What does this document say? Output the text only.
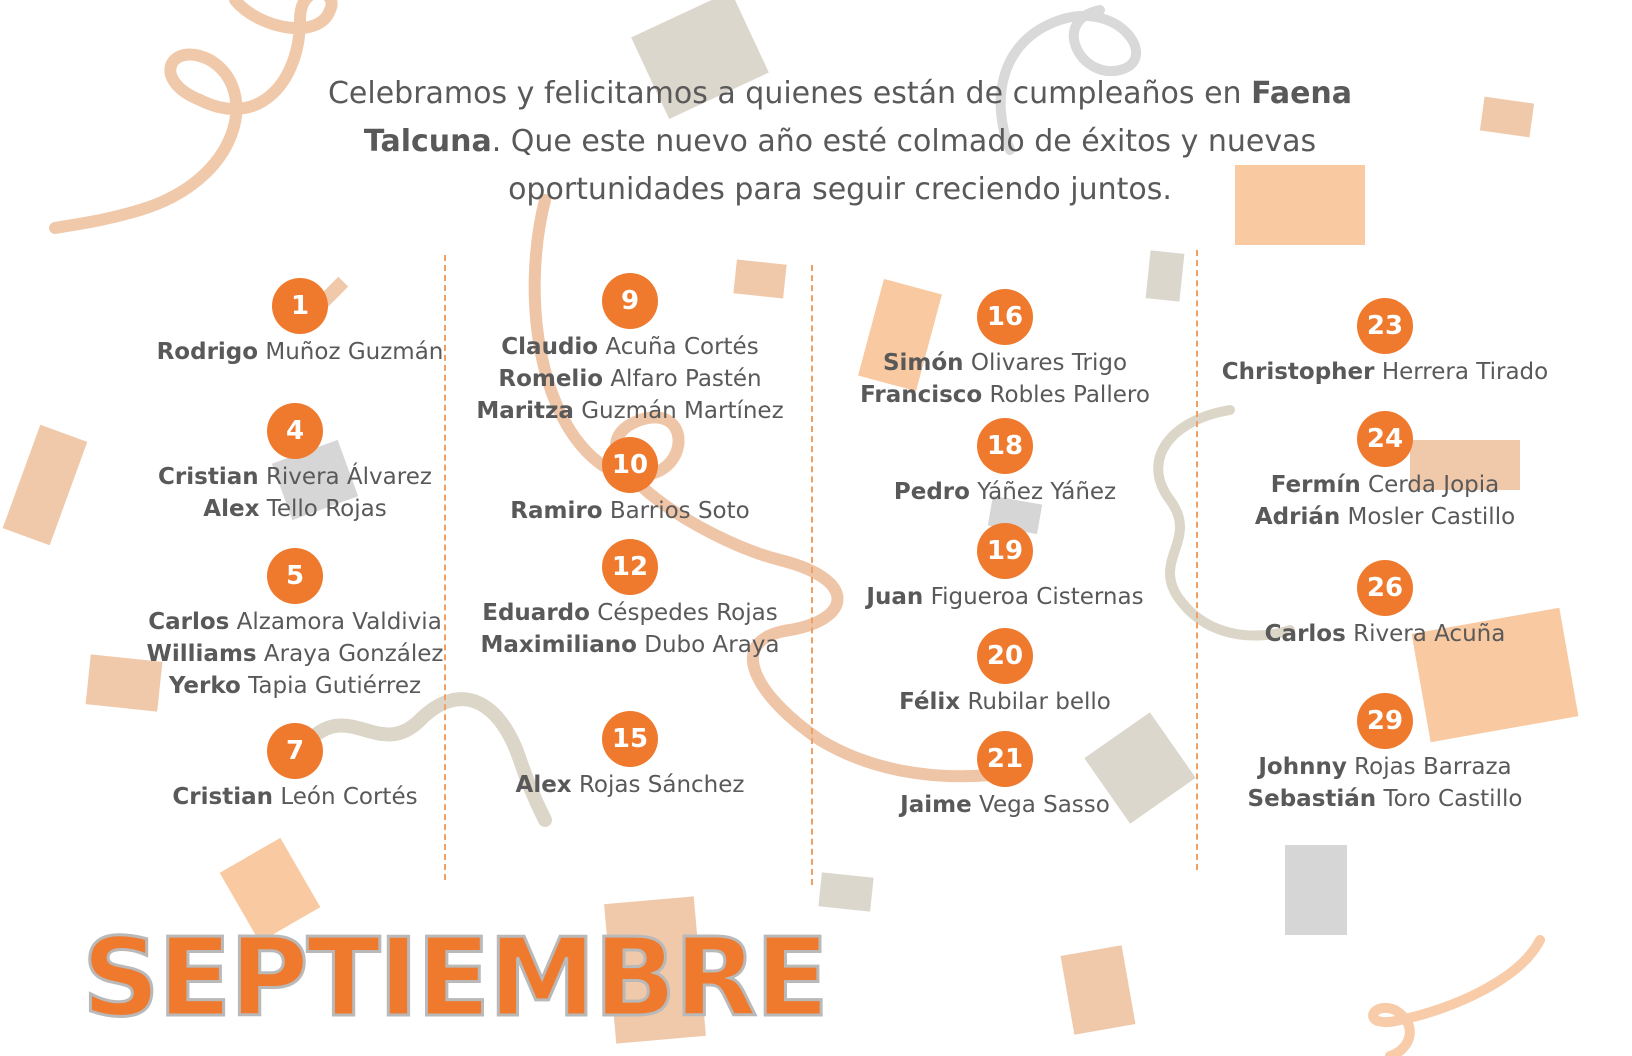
Celebramos y felicitamos a quienes están de cumpleaños en Faena Talcuna. Que este nuevo año esté colmado de éxitos y nuevas oportunidades para seguir creciendo juntos.
1
Rodrigo Muñoz Guzmán
4
Cristian Rivera Álvarez
Alex Tello Rojas
5
Carlos Alzamora Valdivia
Williams Araya González
Yerko Tapia Gutiérrez
7
Cristian León Cortés
9
Claudio Acuña Cortés
Romelio Alfaro Pastén
Maritza Guzmán Martínez
10
Ramiro Barrios Soto
12
Eduardo Céspedes Rojas
Maximiliano Dubo Araya
15
Alex Rojas Sánchez
16
Simón Olivares Trigo
Francisco Robles Pallero
18
Pedro Yáñez Yáñez
19
Juan Figueroa Cisternas
20
Félix Rubilar bello
21
Jaime Vega Sasso
23
Christopher Herrera Tirado
24
Fermín Cerda Jopia
Adrián Mosler Castillo
26
Carlos Rivera Acuña
29
Johnny Rojas Barraza
Sebastián Toro Castillo
SEPTIEMBRE
